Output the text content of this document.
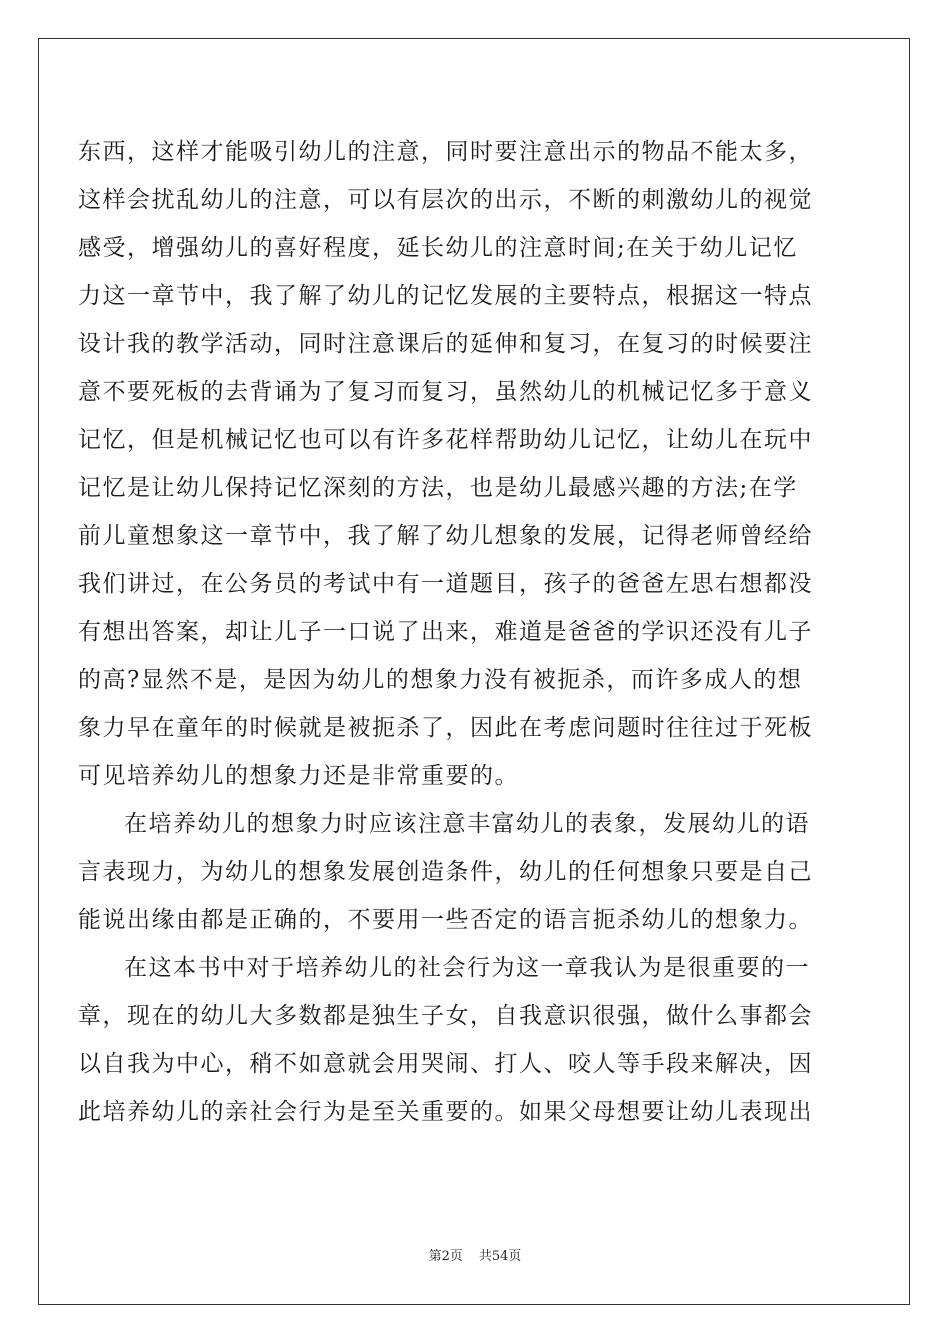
东西，这样才能吸引幼儿的注意，同时要注意出示的物品不能太多，
这样会扰乱幼儿的注意，可以有层次的出示，不断的刺激幼儿的视觉
感受，增强幼儿的喜好程度，延长幼儿的注意时间;在关于幼儿记忆
力这一章节中，我了解了幼儿的记忆发展的主要特点，根据这一特点
设计我的教学活动，同时注意课后的延伸和复习，在复习的时候要注
意不要死板的去背诵为了复习而复习，虽然幼儿的机械记忆多于意义
记忆，但是机械记忆也可以有许多花样帮助幼儿记忆，让幼儿在玩中
记忆是让幼儿保持记忆深刻的方法，也是幼儿最感兴趣的方法;在学
前儿童想象这一章节中，我了解了幼儿想象的发展，记得老师曾经给
我们讲过，在公务员的考试中有一道题目，孩子的爸爸左思右想都没
有想出答案，却让儿子一口说了出来，难道是爸爸的学识还没有儿子
的高?显然不是，是因为幼儿的想象力没有被扼杀，而许多成人的想
象力早在童年的时候就是被扼杀了，因此在考虑问题时往往过于死板
可见培养幼儿的想象力还是非常重要的。
在培养幼儿的想象力时应该注意丰富幼儿的表象，发展幼儿的语
言表现力，为幼儿的想象发展创造条件，幼儿的任何想象只要是自己
能说出缘由都是正确的，不要用一些否定的语言扼杀幼儿的想象力。
在这本书中对于培养幼儿的社会行为这一章我认为是很重要的一
章，现在的幼儿大多数都是独生子女，自我意识很强，做什么事都会
以自我为中心，稍不如意就会用哭闹、打人、咬人等手段来解决，因
此培养幼儿的亲社会行为是至关重要的。如果父母想要让幼儿表现出
第2页 共54页
